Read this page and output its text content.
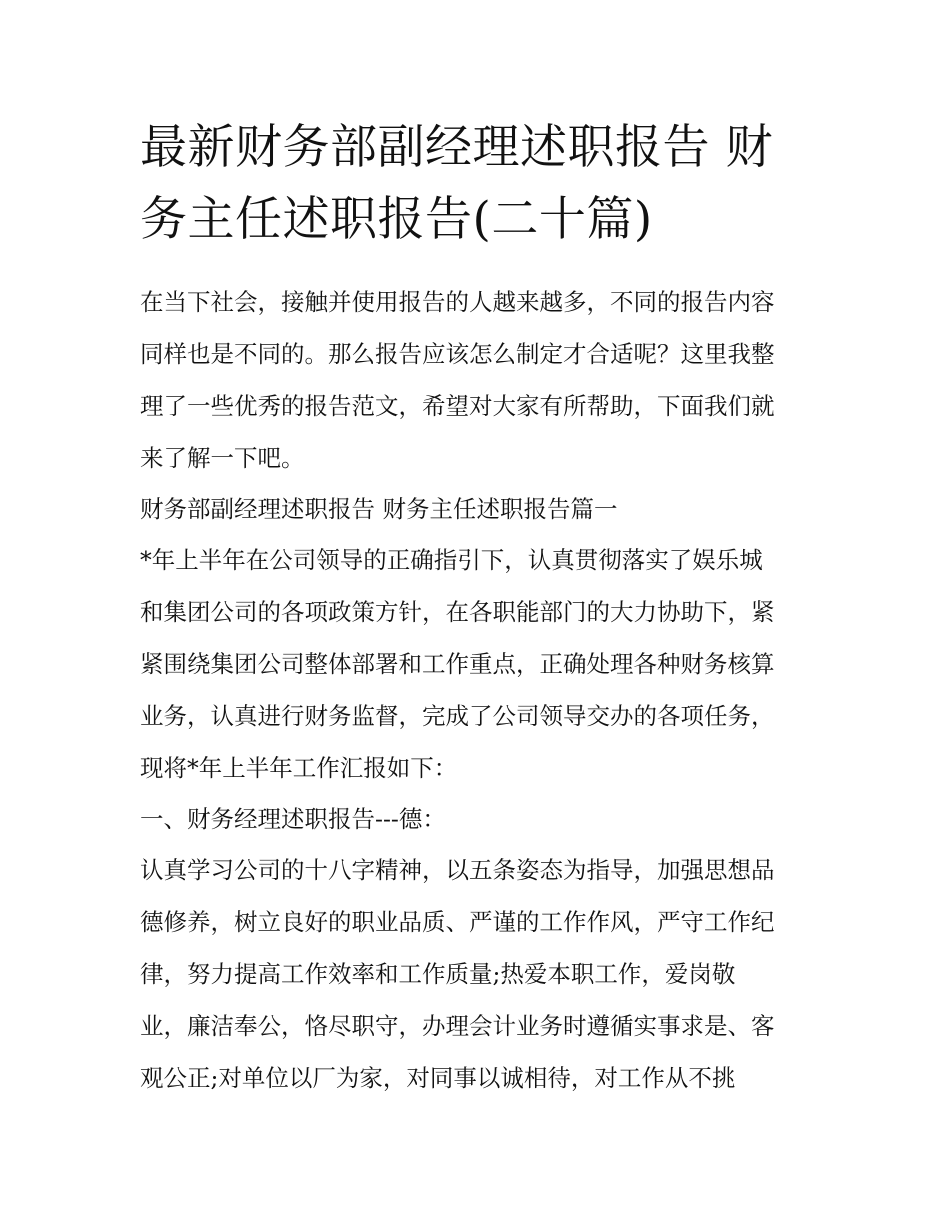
最新财务部副经理述职报告 财
务主任述职报告(二十篇)
在当下社会，接触并使用报告的人越来越多，不同的报告内容
同样也是不同的。那么报告应该怎么制定才合适呢？这里我整
理了一些优秀的报告范文，希望对大家有所帮助，下面我们就
来了解一下吧。
财务部副经理述职报告 财务主任述职报告篇一
*年上半年在公司领导的正确指引下，认真贯彻落实了娱乐城
和集团公司的各项政策方针，在各职能部门的大力协助下，紧
紧围绕集团公司整体部署和工作重点，正确处理各种财务核算
业务，认真进行财务监督，完成了公司领导交办的各项任务，
现将*年上半年工作汇报如下：
一、财务经理述职报告---德：
认真学习公司的十八字精神，以五条姿态为指导，加强思想品
德修养，树立良好的职业品质、严谨的工作作风，严守工作纪
律，努力提高工作效率和工作质量;热爱本职工作，爱岗敬
业，廉洁奉公，恪尽职守，办理会计业务时遵循实事求是、客
观公正;对单位以厂为家，对同事以诚相待，对工作从不挑
